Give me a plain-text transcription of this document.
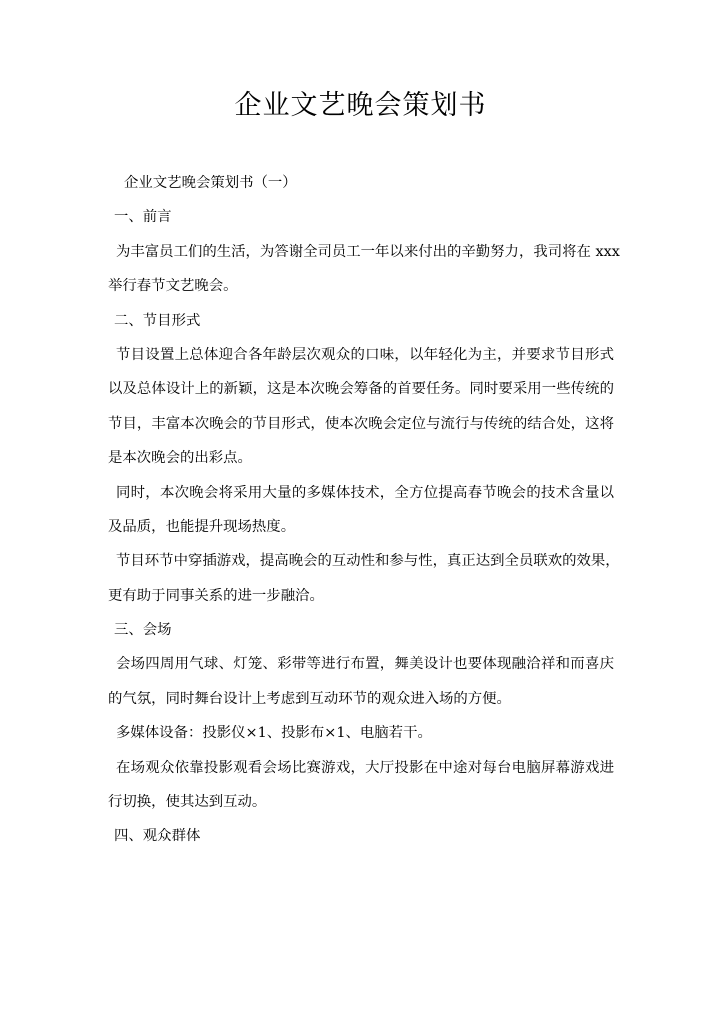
企业文艺晚会策划书

企业文艺晚会策划书（一）

一、前言

为丰富员工们的生活，为答谢全司员工一年以来付出的辛勤努力，我司将在 xxx

举行春节文艺晚会。

二、节目形式

节目设置上总体迎合各年龄层次观众的口味，以年轻化为主，并要求节目形式

以及总体设计上的新颖，这是本次晚会筹备的首要任务。同时要采用一些传统的

节目，丰富本次晚会的节目形式，使本次晚会定位与流行与传统的结合处，这将

是本次晚会的出彩点。

同时，本次晚会将采用大量的多媒体技术，全方位提高春节晚会的技术含量以

及品质，也能提升现场热度。

节目环节中穿插游戏，提高晚会的互动性和参与性，真正达到全员联欢的效果，

更有助于同事关系的进一步融洽。

三、会场

会场四周用气球、灯笼、彩带等进行布置，舞美设计也要体现融洽祥和而喜庆

的气氛，同时舞台设计上考虑到互动环节的观众进入场的方便。

多媒体设备：投影仪×1、投影布×1、电脑若干。

在场观众依靠投影观看会场比赛游戏，大厅投影在中途对每台电脑屏幕游戏进

行切换，使其达到互动。

四、观众群体
